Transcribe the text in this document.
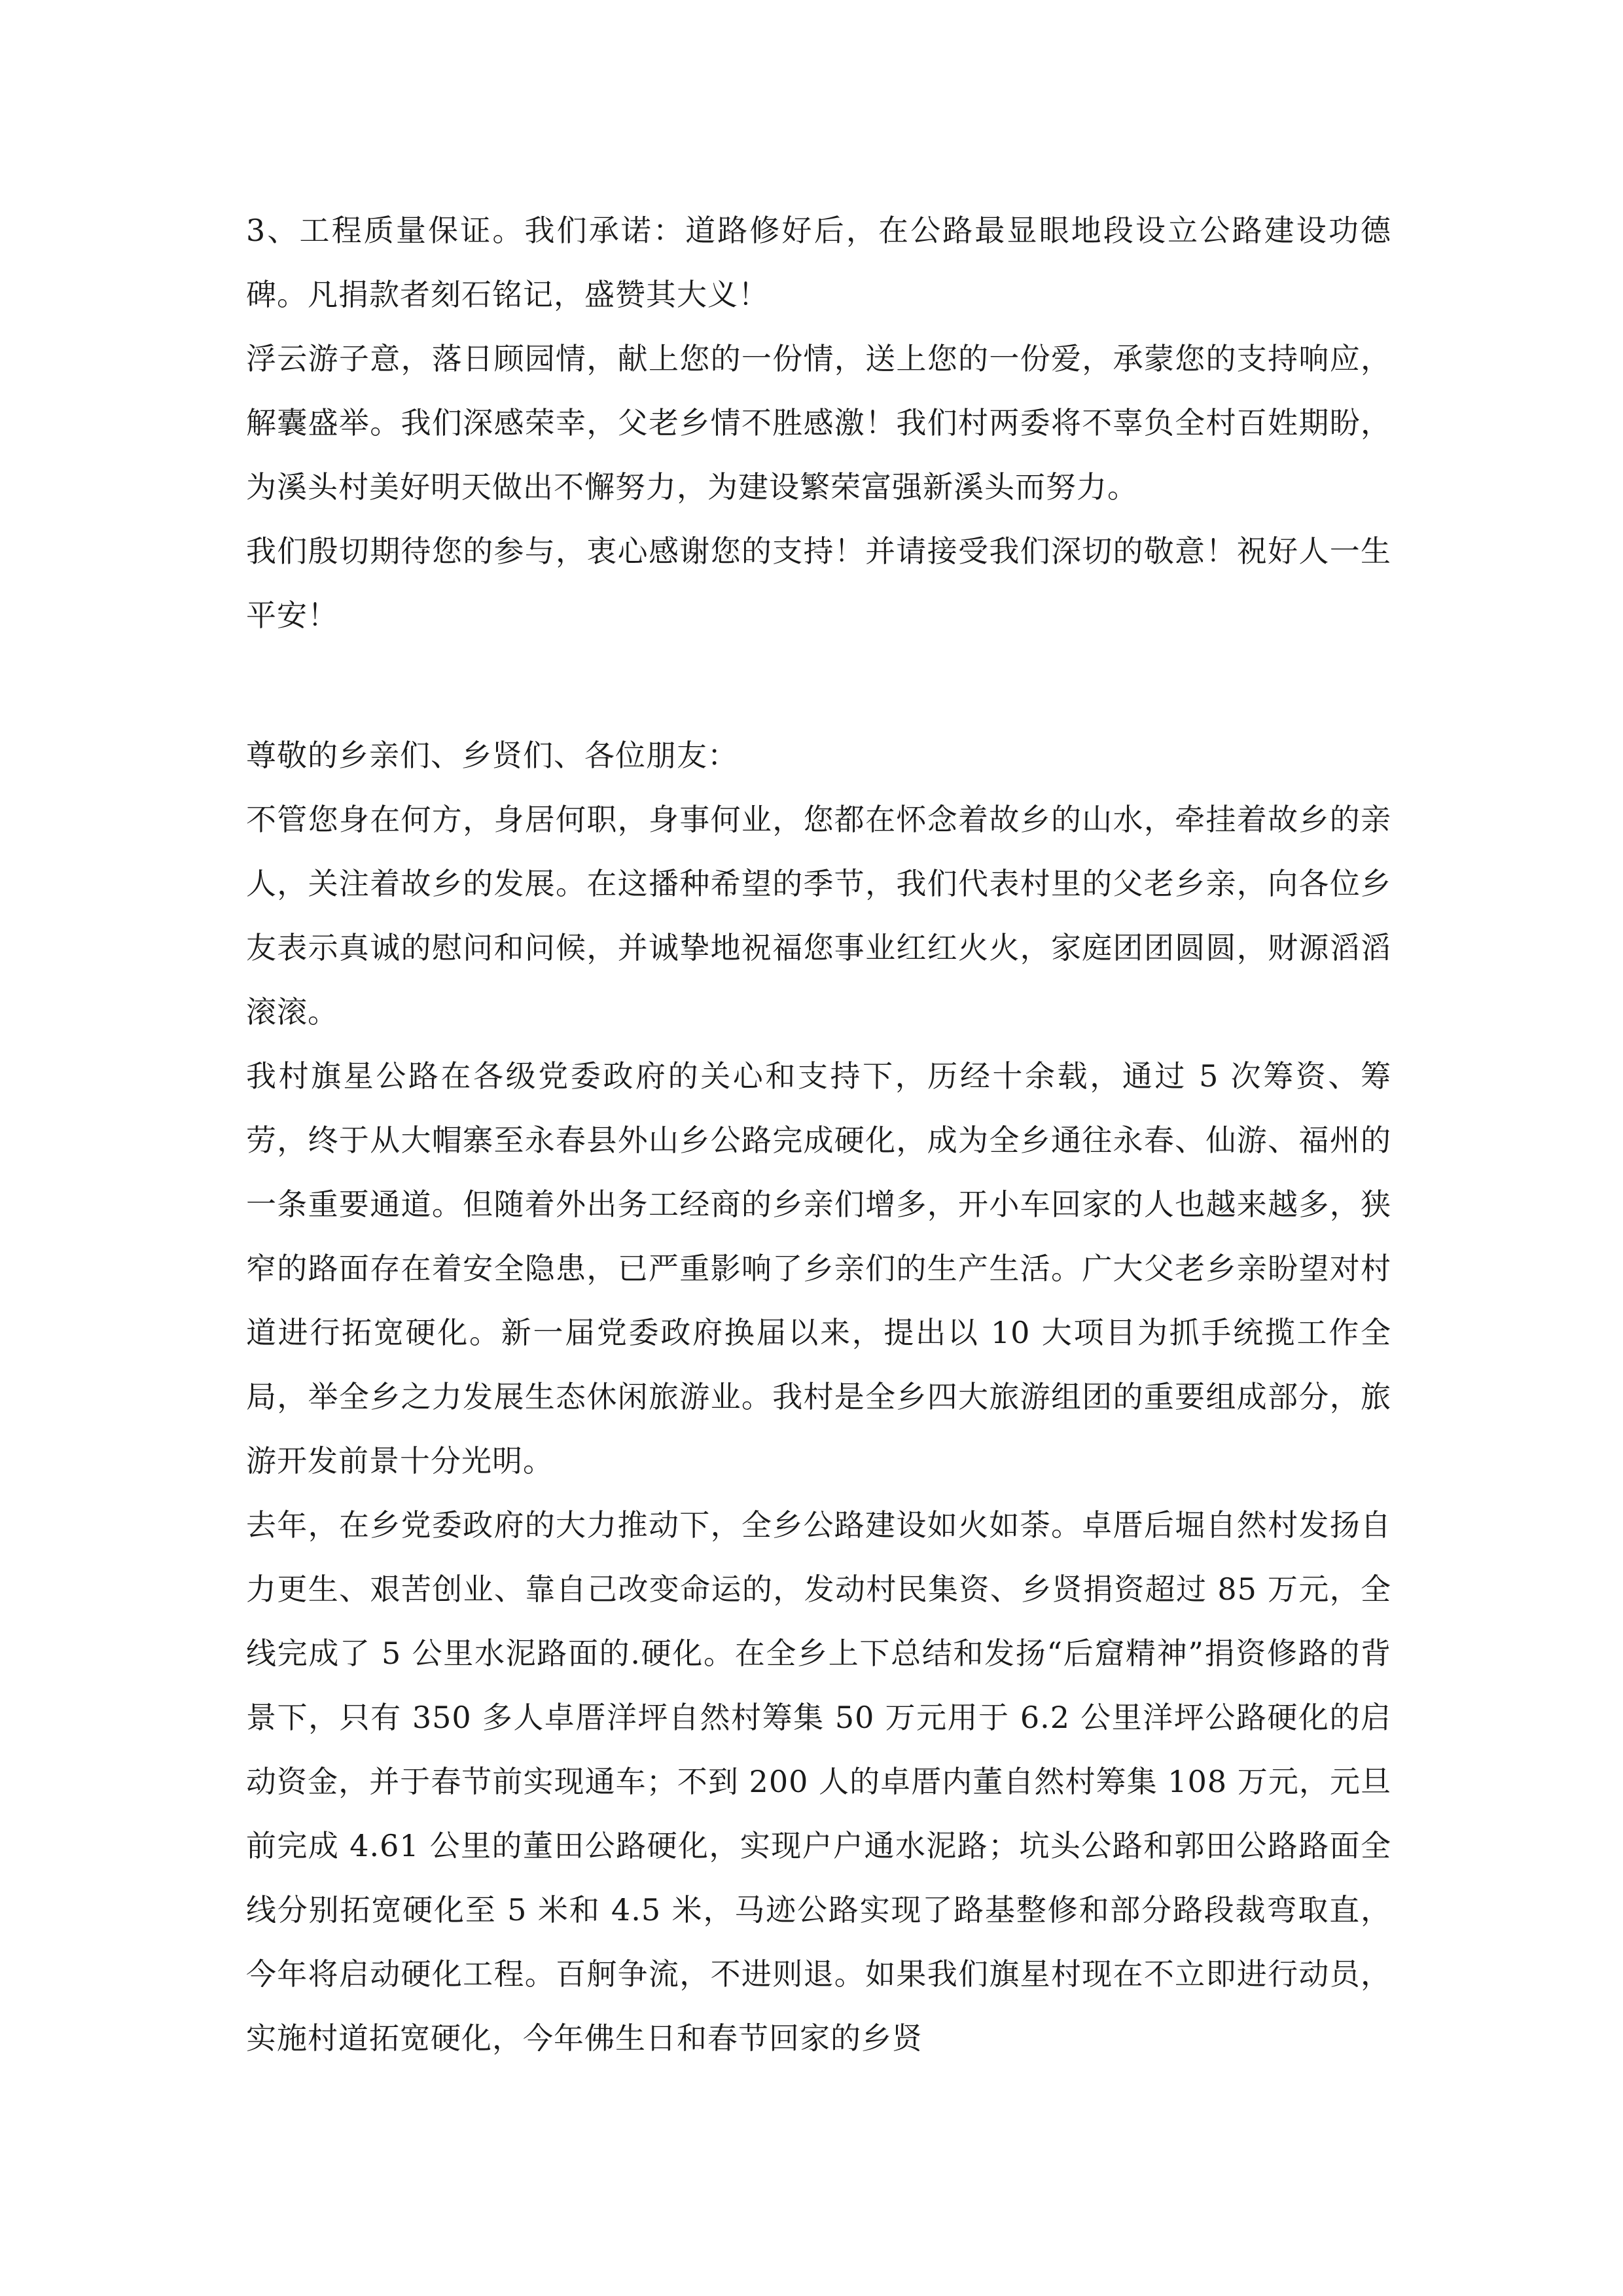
3、工程质量保证。我们承诺：道路修好后，在公路最显眼地段设立公路建设功德碑。凡捐款者刻石铭记，盛赞其大义！

浮云游子意，落日顾园情，献上您的一份情，送上您的一份爱，承蒙您的支持响应，解囊盛举。我们深感荣幸，父老乡情不胜感激！我们村两委将不辜负全村百姓期盼，为溪头村美好明天做出不懈努力，为建设繁荣富强新溪头而努力。

我们殷切期待您的参与，衷心感谢您的支持！并请接受我们深切的敬意！祝好人一生平安！

尊敬的乡亲们、乡贤们、各位朋友：

不管您身在何方，身居何职，身事何业，您都在怀念着故乡的山水，牵挂着故乡的亲人，关注着故乡的发展。在这播种希望的季节，我们代表村里的父老乡亲，向各位乡友表示真诚的慰问和问候，并诚挚地祝福您事业红红火火，家庭团团圆圆，财源滔滔滚滚。

我村旗星公路在各级党委政府的关心和支持下，历经十余载，通过 5 次筹资、筹劳，终于从大帽寨至永春县外山乡公路完成硬化，成为全乡通往永春、仙游、福州的一条重要通道。但随着外出务工经商的乡亲们增多，开小车回家的人也越来越多，狭窄的路面存在着安全隐患，已严重影响了乡亲们的生产生活。广大父老乡亲盼望对村道进行拓宽硬化。新一届党委政府换届以来，提出以 10 大项目为抓手统揽工作全局，举全乡之力发展生态休闲旅游业。我村是全乡四大旅游组团的重要组成部分，旅游开发前景十分光明。

去年，在乡党委政府的大力推动下，全乡公路建设如火如荼。卓厝后堀自然村发扬自力更生、艰苦创业、靠自己改变命运的，发动村民集资、乡贤捐资超过 85 万元，全线完成了 5 公里水泥路面的.硬化。在全乡上下总结和发扬“后窟精神”捐资修路的背景下，只有 350 多人卓厝洋坪自然村筹集 50 万元用于 6.2 公里洋坪公路硬化的启动资金，并于春节前实现通车；不到 200 人的卓厝内董自然村筹集 108 万元，元旦前完成 4.61 公里的董田公路硬化，实现户户通水泥路；坑头公路和郭田公路路面全线分别拓宽硬化至 5 米和 4.5 米，马迹公路实现了路基整修和部分路段裁弯取直，今年将启动硬化工程。百舸争流，不进则退。如果我们旗星村现在不立即进行动员，实施村道拓宽硬化，今年佛生日和春节回家的乡贤
